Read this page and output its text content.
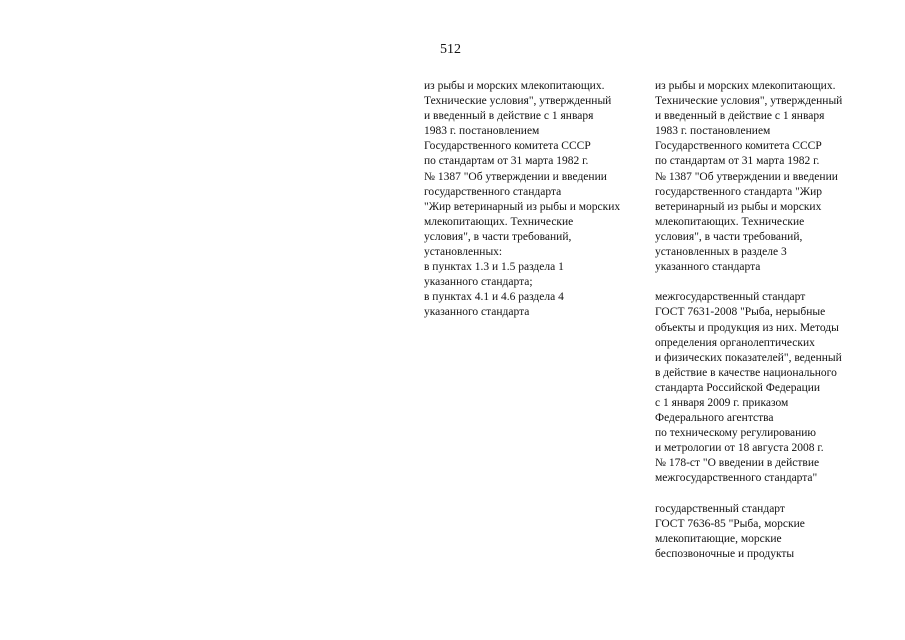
512
из рыбы и морских млекопитающих.
Технические условия", утвержденный
и введенный в действие с 1 января
1983 г. постановлением
Государственного комитета СССР
по стандартам от 31 марта 1982 г.
№ 1387 "Об утверждении и введении
государственного стандарта
"Жир ветеринарный из рыбы и морских
млекопитающих. Технические
условия", в части требований,
установленных:
в пунктах 1.3 и 1.5 раздела 1
указанного стандарта;
в пунктах 4.1 и 4.6 раздела 4
указанного стандарта
из рыбы и морских млекопитающих.
Технические условия", утвержденный
и введенный в действие с 1 января
1983 г. постановлением
Государственного комитета СССР
по стандартам от 31 марта 1982 г.
№ 1387 "Об утверждении и введении
государственного стандарта "Жир
ветеринарный из рыбы и морских
млекопитающих. Технические
условия", в части требований,
установленных в разделе 3
указанного стандарта
межгосударственный стандарт
ГОСТ 7631-2008 "Рыба, нерыбные
объекты и продукция из них. Методы
определения органолептических
и физических показателей", веденный
в действие в качестве национального
стандарта Российской Федерации
с 1 января 2009 г. приказом
Федерального агентства
по техническому регулированию
и метрологии от 18 августа 2008 г.
№ 178-ст "О введении в действие
межгосударственного стандарта"
государственный стандарт
ГОСТ 7636-85 "Рыба, морские
млекопитающие, морские
беспозвоночные и продукты
